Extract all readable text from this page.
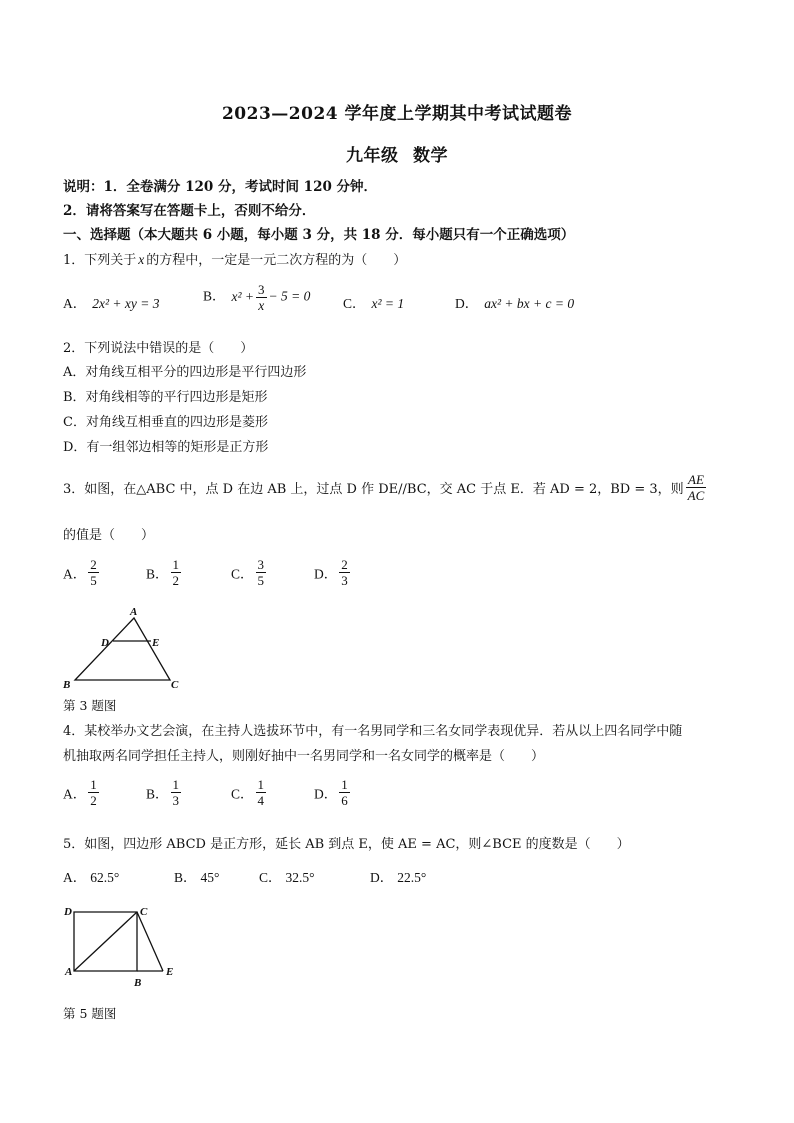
2023—2024 学年度上学期其中考试试题卷
九年级 数学
说明：1．全卷满分 120 分，考试时间 120 分钟．
2．请将答案写在答题卡上，否则不给分．
一、选择题（本大题共 6 小题，每小题 3 分，共 18 分．每小题只有一个正确选项）
1．下列关于 x 的方程中，一定是一元二次方程的为（　　）
A． 2x² + xy = 3	B． $x^2 + \frac{3}{x} - 5 = 0$ C． x² = 1	D． ax² + bx + c = 0
2．下列说法中错误的是（　　）
A．对角线互相平分的四边形是平行四边形
B．对角线相等的平行四边形是矩形
C．对角线互相垂直的四边形是菱形
D．有一组邻边相等的矩形是正方形
3．如图，在△ABC 中，点 D 在边 AB 上，过点 D 作 DE//BC，交 AC 于点 E．若 AD = 2，BD = 3，则 $\frac{AE}{AC}$
的值是（　　）
A． $\frac{2}{5}$	B． $\frac{1}{2}$	C． $\frac{3}{5}$	D． $\frac{2}{3}$
A
D	E
B	C
第 3 题图
4．某校举办文艺会演，在主持人选拔环节中，有一名男同学和三名女同学表现优异．若从以上四名同学中随
机抽取两名同学担任主持人，则刚好抽中一名男同学和一名女同学的概率是（　　）
A． $\frac{1}{2}$	B． $\frac{1}{3}$	C． $\frac{1}{4}$	D． $\frac{1}{6}$
5．如图，四边形 ABCD 是正方形，延长 AB 到点 E，使 AE = AC，则∠BCE 的度数是（　　）
A． 62.5°	B． 45°	C． 32.5°	D． 22.5°
D	C
A
B
E
第 5 题图
